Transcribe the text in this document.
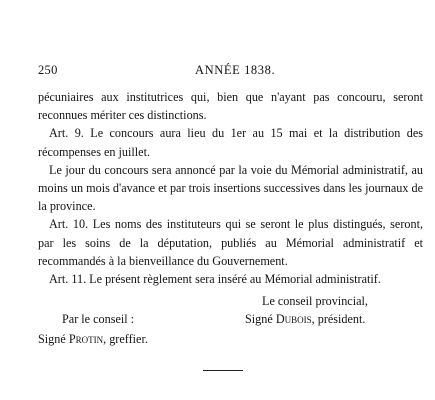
250	ANNÉE 1838.

pécuniaires aux institutrices qui, bien que n'ayant pas concouru, seront reconnues mériter ces distinctions.

Art. 9. Le concours aura lieu du 1er au 15 mai et la distribution des récompenses en juillet.

Le jour du concours sera annoncé par la voie du Mémorial administratif, au moins un mois d'avance et par trois insertions successives dans les journaux de la province.

Art. 10. Les noms des instituteurs qui se seront le plus distingués, seront, par les soins de la députation, publiés au Mémorial administratif et recommandés à la bienveillance du Gouvernement.

Art. 11. Le présent règlement sera inséré au Mémorial administratif.

Le conseil provincial,
Signé Dubois, président.
Par le conseil :
Signé Protin, greffier.
